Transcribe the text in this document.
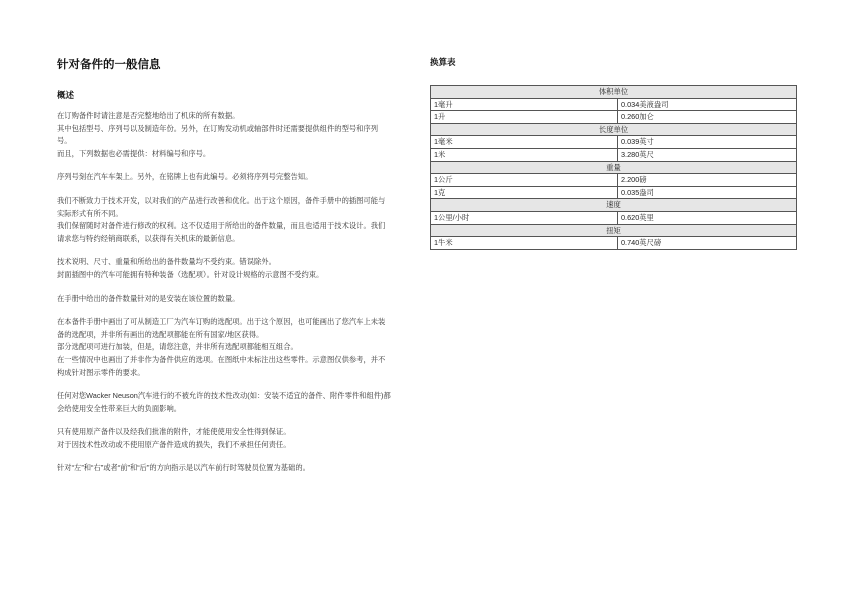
针对备件的一般信息
概述
在订购备件时请注意是否完整地给出了机床的所有数据。
其中包括型号、序列号以及制造年份。另外，在订购发动机或轴部件时还需要提供组件的型号和序列号。
而且，下列数据也必需提供：材料编号和序号。
序列号刻在汽车车架上。另外，在铭牌上也有此编号。必须将序列号完整告知。
我们不断致力于技术开发，以对我们的产品进行改善和优化。出于这个原因，备件手册中的插图可能与实际形式有所不同。
我们保留随时对备件进行修改的权利。这不仅适用于所给出的备件数量，而且也适用于技术设计。我们请求您与特约经销商联系，以获得有关机床的最新信息。
技术说明、尺寸、重量和所给出的备件数量均不受约束。错误除外。
封面插图中的汽车可能拥有特种装备（选配项）。针对设计规格的示意图不受约束。
在手册中给出的备件数量针对的是安装在该位置的数量。
在本备件手册中画出了可从制造工厂为汽车订购的选配项。出于这个原因，也可能画出了您汽车上未装备的选配项，并非所有画出的选配项都能在所有国家/地区获得。
部分选配项可进行加装，但是，请您注意，并非所有选配项都能相互组合。
在一些情况中也画出了并非作为备件供应的选项。在图纸中未标注出这些零件。示意图仅供参考，并不构成针对图示零件的要求。
任何对您Wacker Neuson汽车进行的不被允许的技术性改动(如：安装不适宜的备件、附件零件和组件)都会给使用安全性带来巨大的负面影响。
只有使用原产备件以及经我们批准的附件，才能使使用安全性得到保证。
对于因技术性改动或不使用原产备件造成的损失，我们不承担任何责任。
针对“左”和“右”或者“前”和“后”的方向指示是以汽车前行时驾驶员位置为基础的。
换算表
体积单位	
1毫升	0.034美液盎司
1升	0.260加仑
长度单位	
1毫米	0.039英寸
1米	3.280英尺
重量	
1公斤	2.200磅
1克	0.035盎司
速度	
1公里/小时	0.620英里
扭矩	
1牛米	0.740英尺磅
